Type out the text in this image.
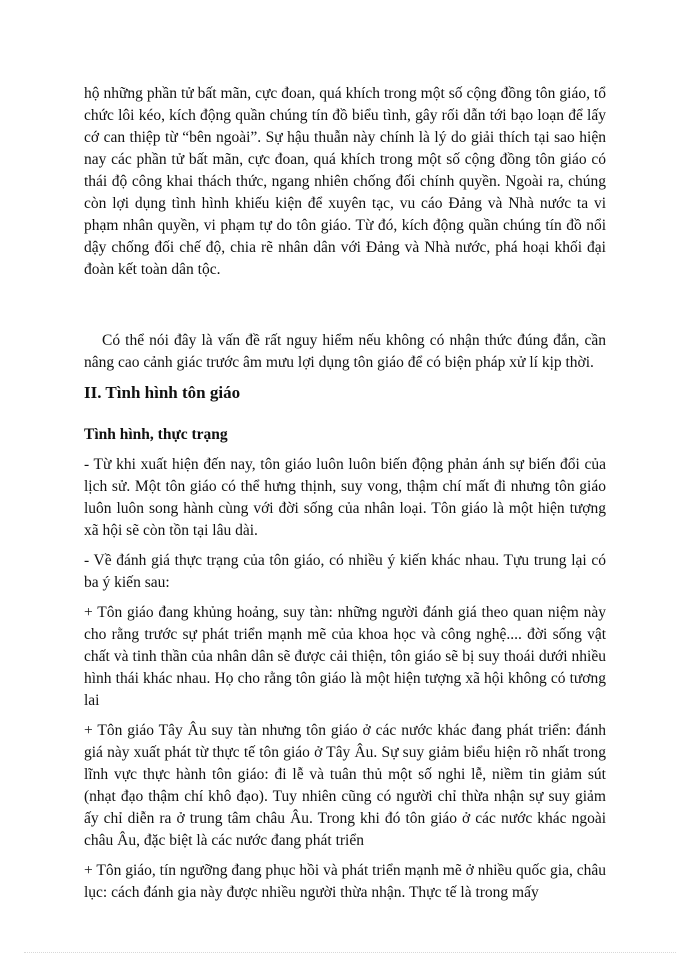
hộ những phần tử bất mãn, cực đoan, quá khích trong một số cộng đồng tôn giáo, tổ chức lôi kéo, kích động quần chúng tín đồ biểu tình, gây rối dẫn tới bạo loạn để lấy cớ can thiệp từ “bên ngoài”. Sự hậu thuẫn này chính là lý do giải thích tại sao hiện nay các phần tử bất mãn, cực đoan, quá khích trong một số cộng đồng tôn giáo có thái độ công khai thách thức, ngang nhiên chống đối chính quyền. Ngoài ra, chúng còn lợi dụng tình hình khiếu kiện để xuyên tạc, vu cáo Đảng và Nhà nước ta vi phạm nhân quyền, vi phạm tự do tôn giáo. Từ đó, kích động quần chúng tín đồ nổi dậy chống đối chế độ, chia rẽ nhân dân với Đảng và Nhà nước, phá hoại khối đại đoàn kết toàn dân tộc.

Có thể nói đây là vấn đề rất nguy hiểm nếu không có nhận thức đúng đắn, cần nâng cao cảnh giác trước âm mưu lợi dụng tôn giáo để có biện pháp xử lí kịp thời.

II. Tình hình tôn giáo
Tình hình, thực trạng

- Từ khi xuất hiện đến nay, tôn giáo luôn luôn biến động phản ánh sự biến đổi của lịch sử. Một tôn giáo có thể hưng thịnh, suy vong, thậm chí mất đi nhưng tôn giáo luôn luôn song hành cùng với đời sống của nhân loại. Tôn giáo là một hiện tượng xã hội sẽ còn tồn tại lâu dài.

- Về đánh giá thực trạng của tôn giáo, có nhiều ý kiến khác nhau. Tựu trung lại có ba ý kiến sau:

+ Tôn giáo đang khủng hoảng, suy tàn: những người đánh giá theo quan niệm này cho rằng trước sự phát triển mạnh mẽ của khoa học và công nghệ.... đời sống vật chất và tinh thần của nhân dân sẽ được cải thiện, tôn giáo sẽ bị suy thoái dưới nhiều hình thái khác nhau. Họ cho rằng tôn giáo là một hiện tượng xã hội không có tương lai

+ Tôn giáo Tây Âu suy tàn nhưng tôn giáo ở các nước khác đang phát triển: đánh giá này xuất phát từ thực tế tôn giáo ở Tây Âu. Sự suy giảm biểu hiện rõ nhất trong lĩnh vực thực hành tôn giáo: đi lễ và tuân thủ một số nghi lễ, niềm tin giảm sút (nhạt đạo thậm chí khô đạo). Tuy nhiên cũng có người chỉ thừa nhận sự suy giảm ấy chỉ diễn ra ở trung tâm châu Âu. Trong khi đó tôn giáo ở các nước khác ngoài châu Âu, đặc biệt là các nước đang phát triển

+ Tôn giáo, tín ngưỡng đang phục hồi và phát triển mạnh mẽ ở nhiều quốc gia, châu lục: cách đánh gia này được nhiều người thừa nhận. Thực tế là trong mấy
